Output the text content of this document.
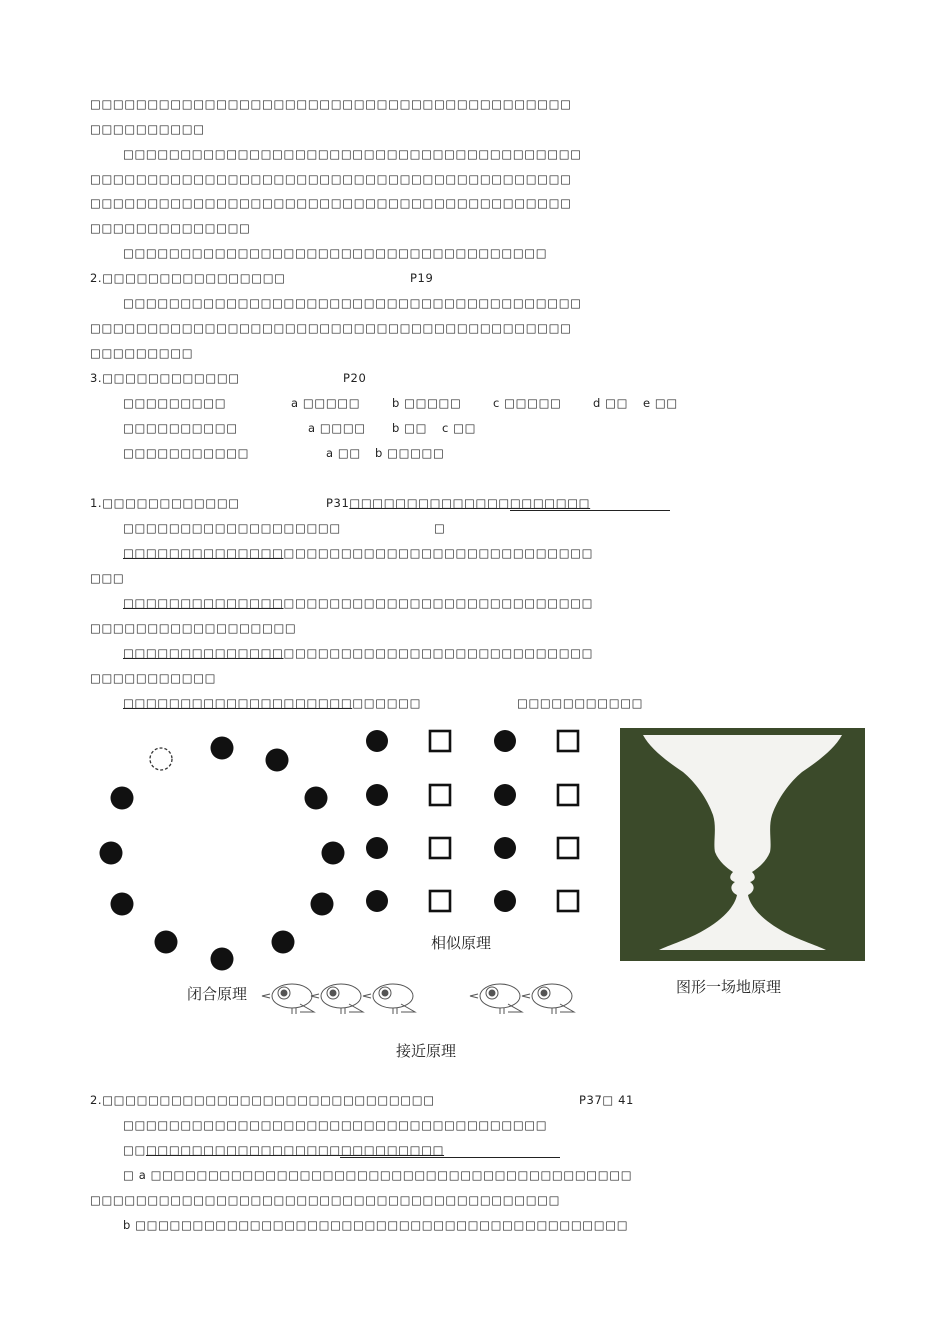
□□□□□□□□□□□□□□□□□□□□□□□□□□□□□□□□□□□□□□□□□□
□□□□□□□□□□
□□□□□□□□□□□□□□□□□□□□□□□□□□□□□□□□□□□□□□□□
□□□□□□□□□□□□□□□□□□□□□□□□□□□□□□□□□□□□□□□□□□
□□□□□□□□□□□□□□□□□□□□□□□□□□□□□□□□□□□□□□□□□□
□□□□□□□□□□□□□□
□□□□□□□□□□□□□□□□□□□□□□□□□□□□□□□□□□□□□
2.□□□□□□□□□□□□□□□□	P19
□□□□□□□□□□□□□□□□□□□□□□□□□□□□□□□□□□□□□□□□
□□□□□□□□□□□□□□□□□□□□□□□□□□□□□□□□□□□□□□□□□□
□□□□□□□□□
3.□□□□□□□□□□□□	P20
□□□□□□□□□	a □□□□□	b □□□□□	c □□□□□	d □□ e □□
□□□□□□□□□□	a □□□□ b □□ c □□
□□□□□□□□□□□	a □□ b □□□□□
1.□□□□□□□□□□□□	P31□□□□□□□□□□□□□□□□□□□□□
□□□□□□□□□□□□□□□□□□□	□
□□□□□□□□□□□□□□□□□□□□□□□□□□□□□□□□□□□□□□□□□
□□□
□□□□□□□□□□□□□□□□□□□□□□□□□□□□□□□□□□□□□□□□□
□□□□□□□□□□□□□□□□□□
□□□□□□□□□□□□□□□□□□□□□□□□□□□□□□□□□□□□□□□□□
□□□□□□□□□□□
□□□□□□□□□□□□□□□□□□□□□□□□□□	□□□□□□□□□□□
闭合原理
相似原理
图形一场地原理
接近原理
2.□□□□□□□□□□□□□□□□□□□□□□□□□□□□□	P37□ 41
□□□□□□□□□□□□□□□□□□□□□□□□□□□□□□□□□□□□□
□□□□□□□□□□□□□□□□□□□□□□□□□□□□
□ a □□□□□□□□□□□□□□□□□□□□□□□□□□□□□□□□□□□□□□□□□□
□□□□□□□□□□□□□□□□□□□□□□□□□□□□□□□□□□□□□□□□□
b □□□□□□□□□□□□□□□□□□□□□□□□□□□□□□□□□□□□□□□□□□□
